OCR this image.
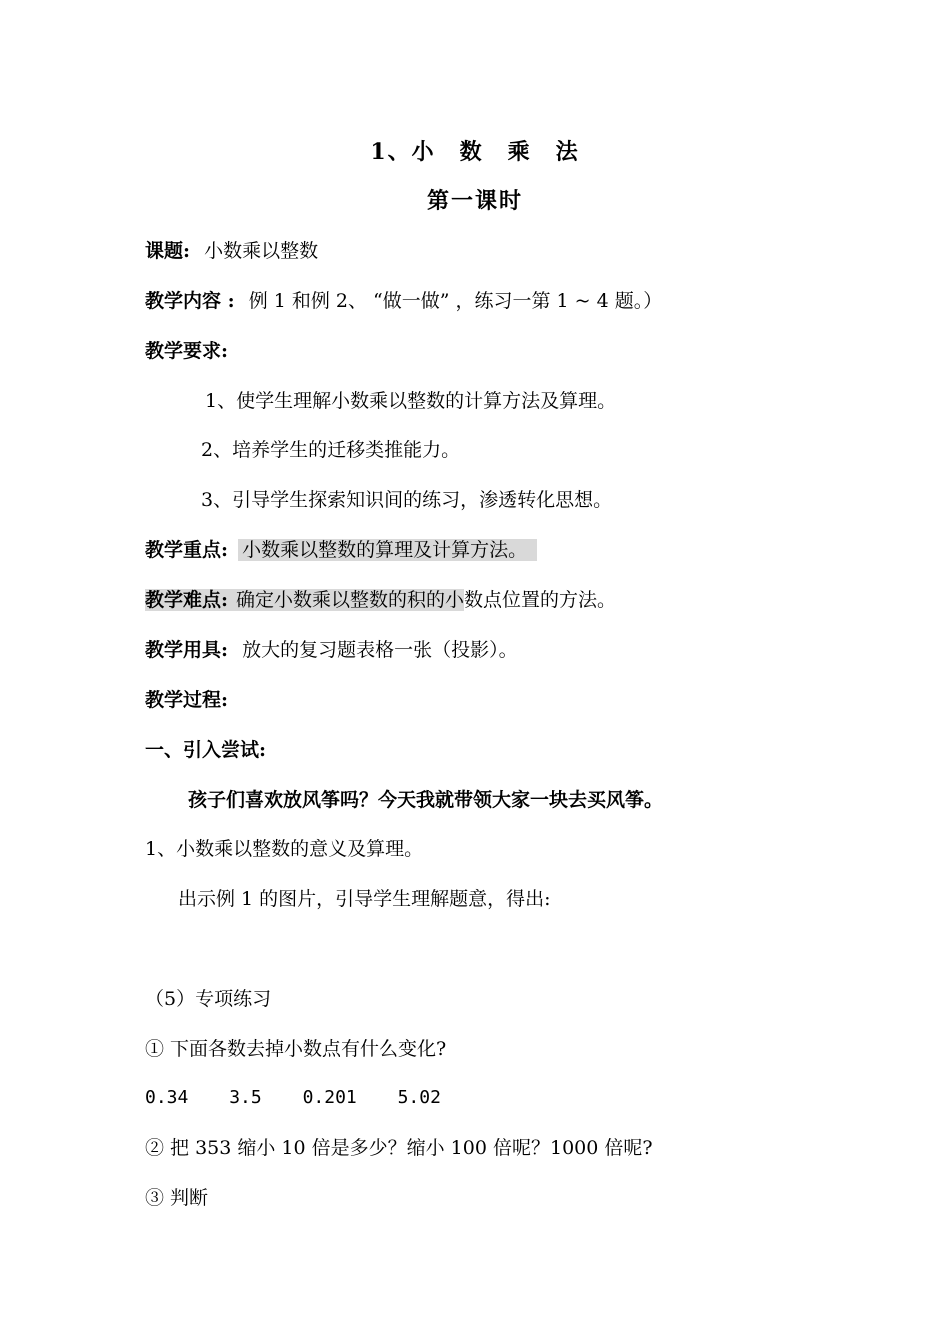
1、小　数　乘　法
第一课时
课题: 小数乘以整数
教学内容 : 例 1 和例 2、 “做一做” ，练习一第 1 ~ 4 题。）
教学要求:
1、使学生理解小数乘以整数的计算方法及算理。
2、培养学生的迁移类推能力。
3、引导学生探索知识间的练习，渗透转化思想。
教学重点: 小数乘以整数的算理及计算方法。
教学难点: 确定小数乘以整数的积的小数点位置的方法。
教学用具: 放大的复习题表格一张（投影）。
教学过程:
一、引入尝试:
孩子们喜欢放风筝吗？今天我就带领大家一块去买风筝。
1、小数乘以整数的意义及算理。
出示例 1 的图片，引导学生理解题意，得出:
（5）专项练习
① 下面各数去掉小数点有什么变化?
0.34 3.5 0.201 5.02
② 把 353 缩小 10 倍是多少？缩小 100 倍呢？1000 倍呢?
③ 判断
